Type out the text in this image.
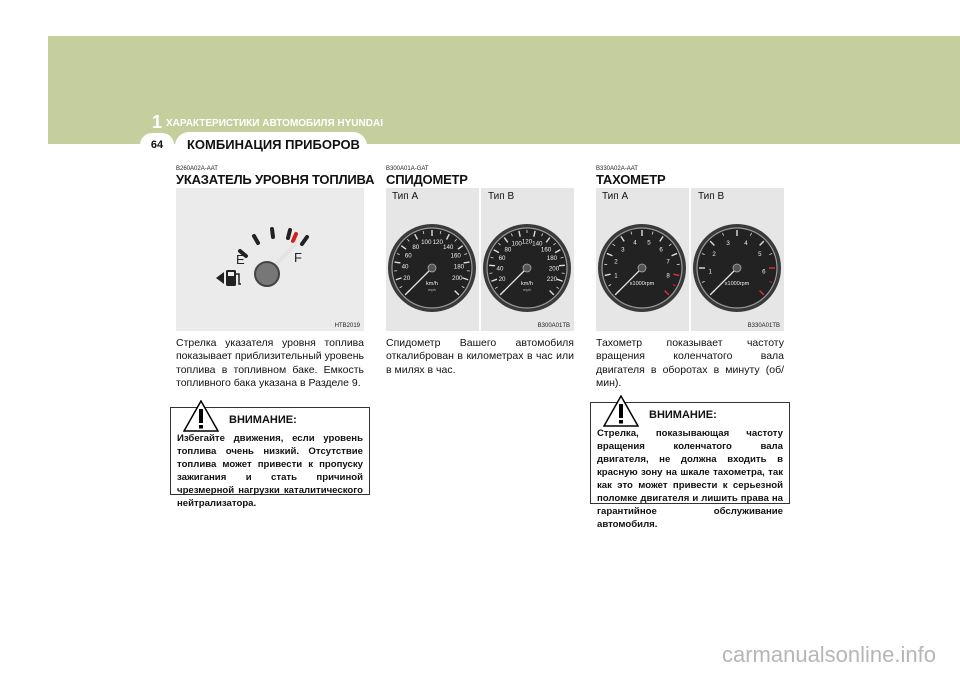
1 ХАРАКТЕРИСТИКИ АВТОМОБИЛЯ HYUNDAI
64	КОМБИНАЦИЯ ПРИБОРОВ
B260A02A-AAT
УКАЗАТЕЛЬ УРОВНЯ ТОПЛИВА
E	F
HTB2019
Стрелка указателя уровня топлива показывает приблизительный уровень топлива в топливном баке. Емкость топливного бака указана в Разделе 9.
ВНИМАНИЕ:
Избегайте движения, если уровень топлива очень низкий. Отсутствие топлива может привести к пропуску зажигания и стать причиной чрезмерной нагрузки каталитического нейтрализатора.
B300A01A-GAT
СПИДОМЕТР
Тип А	Тип В
20
40
60
80
100 120
140
160
180
200
km/h
mph
20
40
60
80
100 120 140
160
180
200
220
km/h
mph
B300A01TB
Спидометр Вашего автомобиля откалиброван в километрах в час или в милях в час.
B330A02A-AAT
ТАХОМЕТР
Тип А	Тип В
1
2
3
4 5
6
7
8
x1000rpm
1
2
3 4
5
6
x1000rpm
B330A01TB
Тахометр показывает частоту вращения коленчатого вала двигателя в оборотах в минуту (об/мин).
ВНИМАНИЕ:
Стрелка, показывающая частоту вращения коленчатого вала двигателя, не должна входить в красную зону на шкале тахометра, так как это может привести к серьезной поломке двигателя и лишить права на гарантийное обслуживание автомобиля.
carmanualsonline.info
